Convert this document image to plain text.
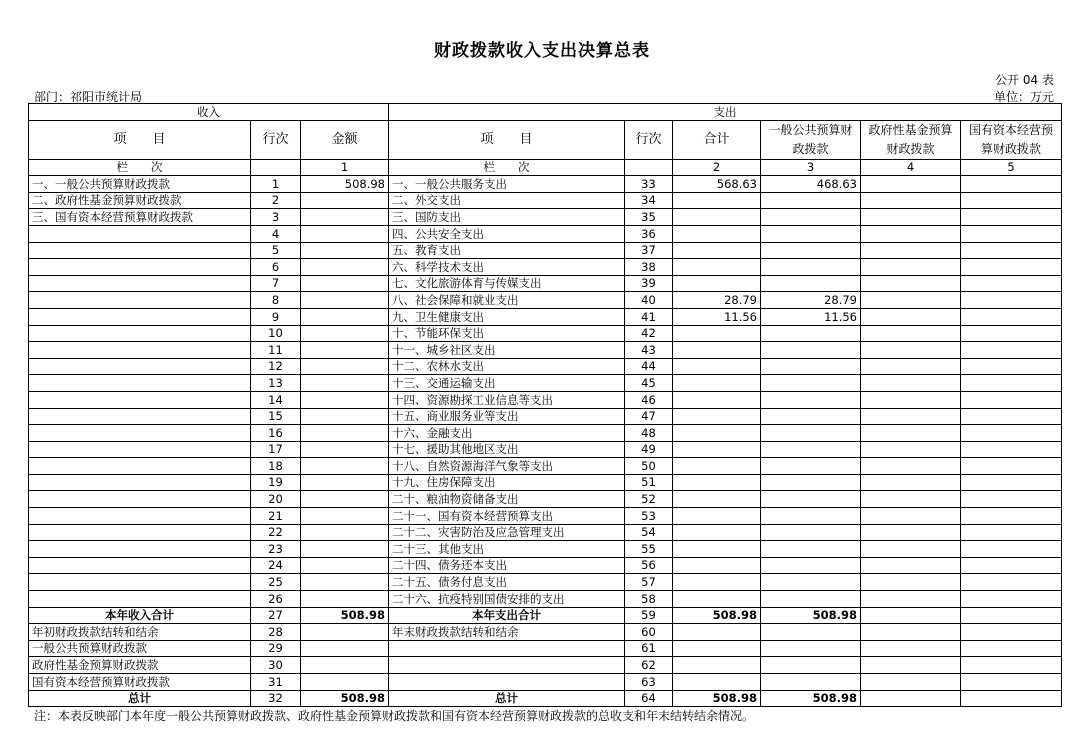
财政拨款收入支出决算总表
公开 04 表
部门：祁阳市统计局	单位：万元
收入			支出					
项　　目	行次	金额	项　　目	行次	合计	一般公共预算财政拨款	政府性基金预算财政拨款	国有资本经营预算财政拨款
栏　　次		1	栏　　次		2	3	4	5
一、一般公共预算财政拨款	1	508.98	一、一般公共服务支出	33	568.63	468.63		
二、政府性基金预算财政拨款	2		二、外交支出	34				
三、国有资本经营预算财政拨款	3		三、国防支出	35				
	4		四、公共安全支出	36				
	5		五、教育支出	37				
	6		六、科学技术支出	38				
	7		七、文化旅游体育与传媒支出	39				
	8		八、社会保障和就业支出	40	28.79	28.79		
	9		九、卫生健康支出	41	11.56	11.56		
	10		十、节能环保支出	42				
	11		十一、城乡社区支出	43				
	12		十二、农林水支出	44				
	13		十三、交通运输支出	45				
	14		十四、资源勘探工业信息等支出	46				
	15		十五、商业服务业等支出	47				
	16		十六、金融支出	48				
	17		十七、援助其他地区支出	49				
	18		十八、自然资源海洋气象等支出	50				
	19		十九、住房保障支出	51				
	20		二十、粮油物资储备支出	52				
	21		二十一、国有资本经营预算支出	53				
	22		二十二、灾害防治及应急管理支出	54				
	23		二十三、其他支出	55				
	24		二十四、债务还本支出	56				
	25		二十五、债务付息支出	57				
	26		二十六、抗疫特别国债安排的支出	58				
本年收入合计	27	508.98	本年支出合计	59	508.98	508.98		
年初财政拨款结转和结余	28		年末财政拨款结转和结余	60				
一般公共预算财政拨款	29			61				
政府性基金预算财政拨款	30			62				
国有资本经营预算财政拨款	31			63				
总计	32	508.98	总计	64	508.98	508.98		
注：本表反映部门本年度一般公共预算财政拨款、政府性基金预算财政拨款和国有资本经营预算财政拨款的总收支和年末结转结余情况。
